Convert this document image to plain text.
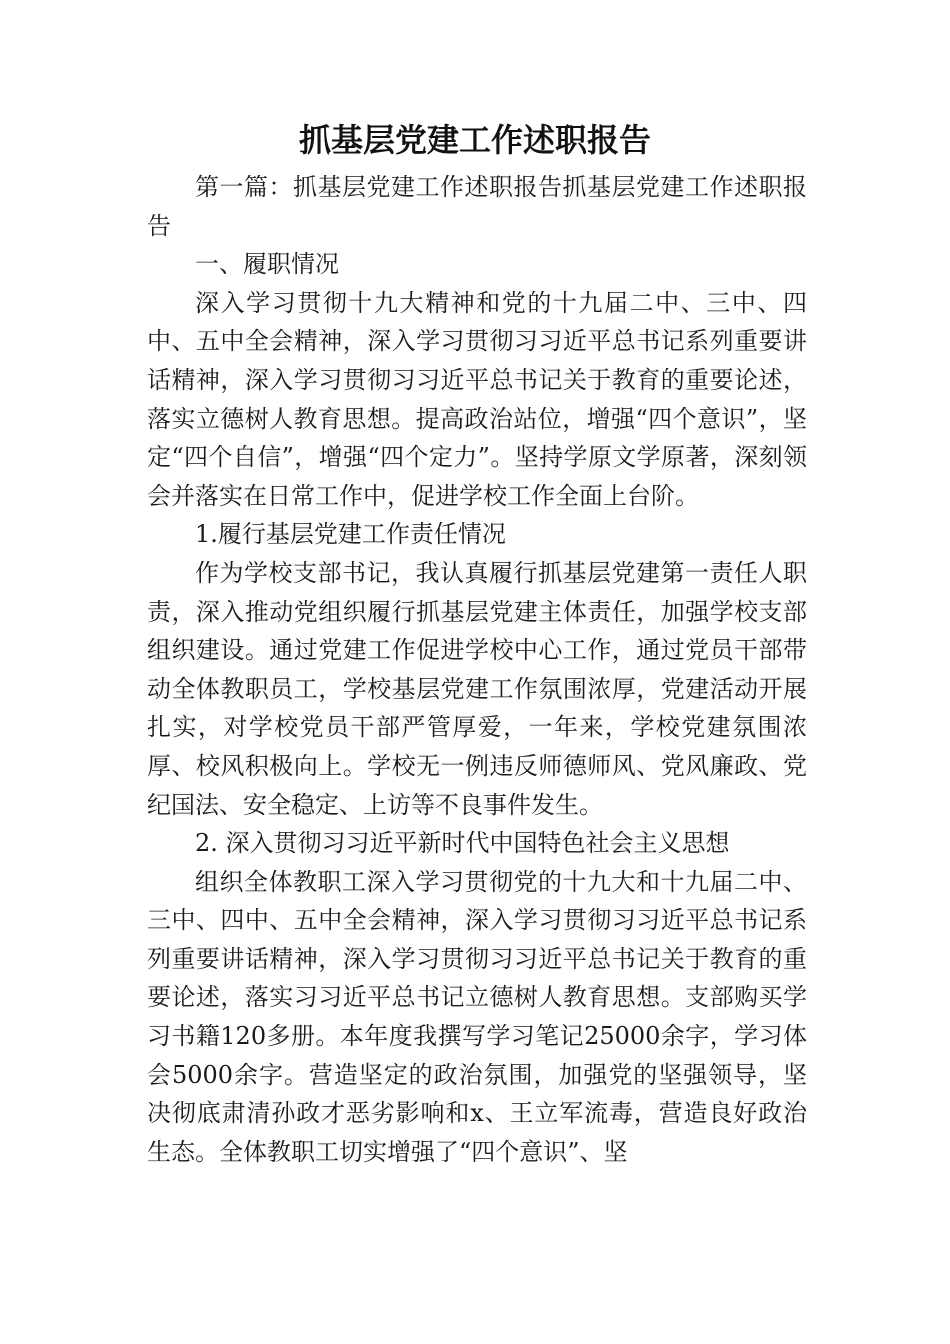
抓基层党建工作述职报告

第一篇：抓基层党建工作述职报告抓基层党建工作述职报告

一、履职情况

深入学习贯彻十九大精神和党的十九届二中、三中、四中、五中全会精神，深入学习贯彻习习近平总书记系列重要讲话精神，深入学习贯彻习习近平总书记关于教育的重要论述，落实立德树人教育思想。提高政治站位，增强“四个意识”，坚定“四个自信”，增强“四个定力”。坚持学原文学原著，深刻领会并落实在日常工作中，促进学校工作全面上台阶。

1.履行基层党建工作责任情况

作为学校支部书记，我认真履行抓基层党建第一责任人职责，深入推动党组织履行抓基层党建主体责任，加强学校支部组织建设。通过党建工作促进学校中心工作，通过党员干部带动全体教职员工，学校基层党建工作氛围浓厚，党建活动开展扎实，对学校党员干部严管厚爱，一年来，学校党建氛围浓厚、校风积极向上。学校无一例违反师德师风、党风廉政、党纪国法、安全稳定、上访等不良事件发生。

2. 深入贯彻习习近平新时代中国特色社会主义思想

组织全体教职工深入学习贯彻党的十九大和十九届二中、三中、四中、五中全会精神，深入学习贯彻习习近平总书记系列重要讲话精神，深入学习贯彻习习近平总书记关于教育的重要论述，落实习习近平总书记立德树人教育思想。支部购买学习书籍120多册。本年度我撰写学习笔记25000余字，学习体会5000余字。营造坚定的政治氛围，加强党的坚强领导，坚决彻底肃清孙政才恶劣影响和x、王立军流毒，营造良好政治生态。全体教职工切实增强了“四个意识”、坚
